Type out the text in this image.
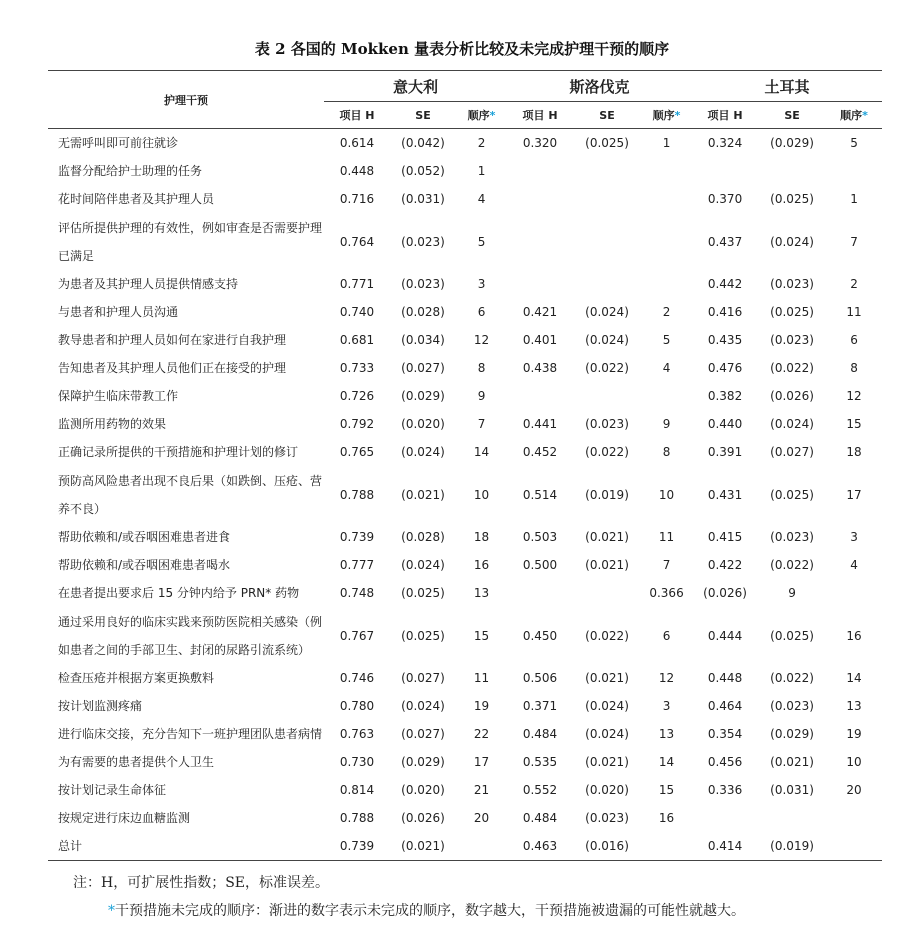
表 2 各国的 Mokken 量表分析比较及未完成护理干预的顺序
护理干预	意大利			斯洛伐克			土耳其		
	项目 H	SE	顺序*	项目 H	SE	顺序*	项目 H	SE	顺序*
无需呼叫即可前往就诊	0.614	(0.042)	2	0.320	(0.025)	1	0.324	(0.029)	5
监督分配给护士助理的任务	0.448	(0.052)	1						
花时间陪伴患者及其护理人员	0.716	(0.031)	4				0.370	(0.025)	1
评估所提供护理的有效性，例如审查是否需要护理已满足	0.764	(0.023)	5				0.437	(0.024)	7
为患者及其护理人员提供情感支持	0.771	(0.023)	3				0.442	(0.023)	2
与患者和护理人员沟通	0.740	(0.028)	6	0.421	(0.024)	2	0.416	(0.025)	11
教导患者和护理人员如何在家进行自我护理	0.681	(0.034)	12	0.401	(0.024)	5	0.435	(0.023)	6
告知患者及其护理人员他们正在接受的护理	0.733	(0.027)	8	0.438	(0.022)	4	0.476	(0.022)	8
保障护生临床带教工作	0.726	(0.029)	9				0.382	(0.026)	12
监测所用药物的效果	0.792	(0.020)	7	0.441	(0.023)	9	0.440	(0.024)	15
正确记录所提供的干预措施和护理计划的修订	0.765	(0.024)	14	0.452	(0.022)	8	0.391	(0.027)	18
预防高风险患者出现不良后果（如跌倒、压疮、营养不良）	0.788	(0.021)	10	0.514	(0.019)	10	0.431	(0.025)	17
帮助依赖和/或吞咽困难患者进食	0.739	(0.028)	18	0.503	(0.021)	11	0.415	(0.023)	3
帮助依赖和/或吞咽困难患者喝水	0.777	(0.024)	16	0.500	(0.021)	7	0.422	(0.022)	4
在患者提出要求后 15 分钟内给予 PRN* 药物	0.748	(0.025)	13			0.366	(0.026)	9	
通过采用良好的临床实践来预防医院相关感染（例如患者之间的手部卫生、封闭的尿路引流系统）	0.767	(0.025)	15	0.450	(0.022)	6	0.444	(0.025)	16
检查压疮并根据方案更换敷料	0.746	(0.027)	11	0.506	(0.021)	12	0.448	(0.022)	14
按计划监测疼痛	0.780	(0.024)	19	0.371	(0.024)	3	0.464	(0.023)	13
进行临床交接，充分告知下一班护理团队患者病情	0.763	(0.027)	22	0.484	(0.024)	13	0.354	(0.029)	19
为有需要的患者提供个人卫生	0.730	(0.029)	17	0.535	(0.021)	14	0.456	(0.021)	10
按计划记录生命体征	0.814	(0.020)	21	0.552	(0.020)	15	0.336	(0.031)	20
按规定进行床边血糖监测	0.788	(0.026)	20	0.484	(0.023)	16			
总计	0.739	(0.021)		0.463	(0.016)		0.414	(0.019)	
注：H，可扩展性指数；SE，标准误差。
*干预措施未完成的顺序：渐进的数字表示未完成的顺序，数字越大，干预措施被遗漏的可能性就越大。
